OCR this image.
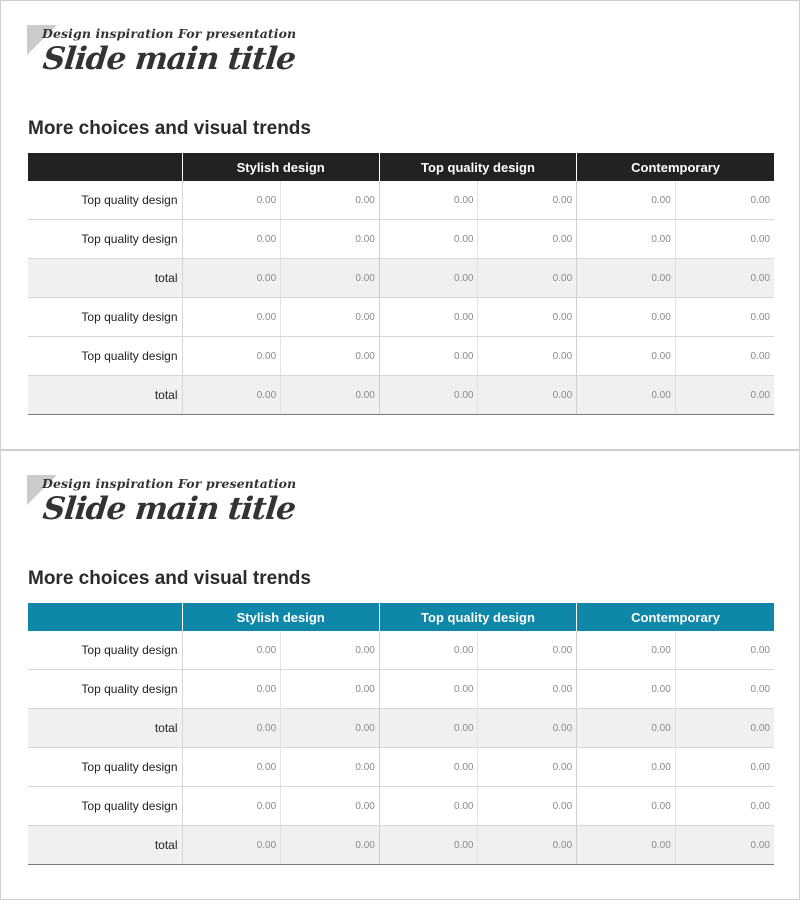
Design inspiration For presentation
Slide main title
More choices and visual trends
	Stylish design		Top quality design		Contemporary	
Top quality design	0.00	0.00	0.00	0.00	0.00	0.00
Top quality design	0.00	0.00	0.00	0.00	0.00	0.00
total	0.00	0.00	0.00	0.00	0.00	0.00
Top quality design	0.00	0.00	0.00	0.00	0.00	0.00
Top quality design	0.00	0.00	0.00	0.00	0.00	0.00
total	0.00	0.00	0.00	0.00	0.00	0.00
Design inspiration For presentation
Slide main title
More choices and visual trends
	Stylish design		Top quality design		Contemporary	
Top quality design	0.00	0.00	0.00	0.00	0.00	0.00
Top quality design	0.00	0.00	0.00	0.00	0.00	0.00
total	0.00	0.00	0.00	0.00	0.00	0.00
Top quality design	0.00	0.00	0.00	0.00	0.00	0.00
Top quality design	0.00	0.00	0.00	0.00	0.00	0.00
total	0.00	0.00	0.00	0.00	0.00	0.00
